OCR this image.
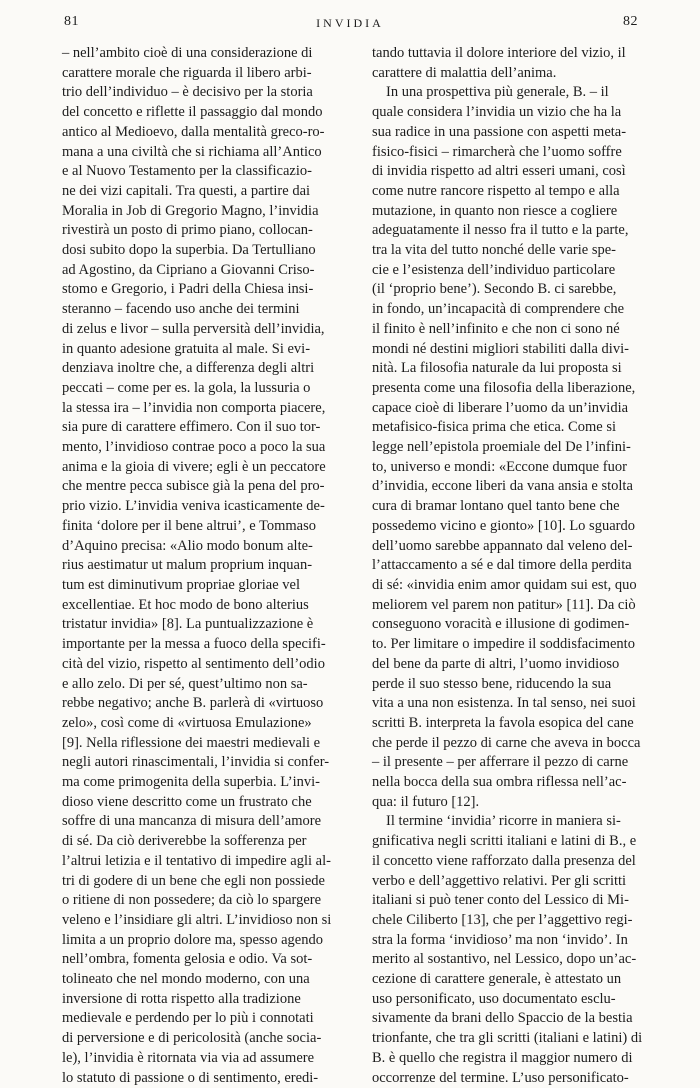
81	INVIDIA	82
– nell’ambito cioè di una considerazione di
carattere morale che riguarda il libero arbi-
trio dell’individuo – è decisivo per la storia
del concetto e riflette il passaggio dal mondo
antico al Medioevo, dalla mentalità greco-ro-
mana a una civiltà che si richiama all’Antico
e al Nuovo Testamento per la classificazio-
ne dei vizi capitali. Tra questi, a partire dai
Moralia in Job di Gregorio Magno, l’invidia
rivestirà un posto di primo piano, collocan-
dosi subito dopo la superbia. Da Tertulliano
ad Agostino, da Cipriano a Giovanni Criso-
stomo e Gregorio, i Padri della Chiesa insi-
steranno – facendo uso anche dei termini
di zelus e livor – sulla perversità dell’invidia,
in quanto adesione gratuita al male. Si evi-
denziava inoltre che, a differenza degli altri
peccati – come per es. la gola, la lussuria o
la stessa ira – l’invidia non comporta piacere,
sia pure di carattere effimero. Con il suo tor-
mento, l’invidioso contrae poco a poco la sua
anima e la gioia di vivere; egli è un peccatore
che mentre pecca subisce già la pena del pro-
prio vizio. L’invidia veniva icasticamente de-
finita ‘dolore per il bene altrui’, e Tommaso
d’Aquino precisa: «Alio modo bonum alte-
rius aestimatur ut malum proprium inquan-
tum est diminutivum propriae gloriae vel
excellentiae. Et hoc modo de bono alterius
tristatur invidia» [8]. La puntualizzazione è
importante per la messa a fuoco della specifi-
cità del vizio, rispetto al sentimento dell’odio
e allo zelo. Di per sé, quest’ultimo non sa-
rebbe negativo; anche B. parlerà di «virtuoso
zelo», così come di «virtuosa Emulazione»
[9]. Nella riflessione dei maestri medievali e
negli autori rinascimentali, l’invidia si confer-
ma come primogenita della superbia. L’invi-
dioso viene descritto come un frustrato che
soffre di una mancanza di misura dell’amore
di sé. Da ciò deriverebbe la sofferenza per
l’altrui letizia e il tentativo di impedire agli al-
tri di godere di un bene che egli non possiede
o ritiene di non possedere; da ciò lo spargere
veleno e l’insidiare gli altri. L’invidioso non si
limita a un proprio dolore ma, spesso agendo
nell’ombra, fomenta gelosia e odio. Va sot-
tolineato che nel mondo moderno, con una
inversione di rotta rispetto alla tradizione
medievale e perdendo per lo più i connotati
di perversione e di pericolosità (anche socia-
le), l’invidia è ritornata via via ad assumere
lo statuto di passione o di sentimento, eredi-
tando tuttavia il dolore interiore del vizio, il
carattere di malattia dell’anima.
In una prospettiva più generale, B. – il
quale considera l’invidia un vizio che ha la
sua radice in una passione con aspetti meta-
fisico-fisici – rimarcherà che l’uomo soffre
di invidia rispetto ad altri esseri umani, così
come nutre rancore rispetto al tempo e alla
mutazione, in quanto non riesce a cogliere
adeguatamente il nesso fra il tutto e la parte,
tra la vita del tutto nonché delle varie spe-
cie e l’esistenza dell’individuo particolare
(il ‘proprio bene’). Secondo B. ci sarebbe,
in fondo, un’incapacità di comprendere che
il finito è nell’infinito e che non ci sono né
mondi né destini migliori stabiliti dalla divi-
nità. La filosofia naturale da lui proposta si
presenta come una filosofia della liberazione,
capace cioè di liberare l’uomo da un’invidia
metafisico-fisica prima che etica. Come si
legge nell’epistola proemiale del De l’infini-
to, universo e mondi: «Eccone dumque fuor
d’invidia, eccone liberi da vana ansia e stolta
cura di bramar lontano quel tanto bene che
possedemo vicino e gionto» [10]. Lo sguardo
dell’uomo sarebbe appannato dal veleno del-
l’attaccamento a sé e dal timore della perdita
di sé: «invidia enim amor quidam sui est, quo
meliorem vel parem non patitur» [11]. Da ciò
conseguono voracità e illusione di godimen-
to. Per limitare o impedire il soddisfacimento
del bene da parte di altri, l’uomo invidioso
perde il suo stesso bene, riducendo la sua
vita a una non esistenza. In tal senso, nei suoi
scritti B. interpreta la favola esopica del cane
che perde il pezzo di carne che aveva in bocca
– il presente – per afferrare il pezzo di carne
nella bocca della sua ombra riflessa nell’ac-
qua: il futuro [12].
Il termine ‘invidia’ ricorre in maniera si-
gnificativa negli scritti italiani e latini di B., e
il concetto viene rafforzato dalla presenza del
verbo e dell’aggettivo relativi. Per gli scritti
italiani si può tener conto del Lessico di Mi-
chele Ciliberto [13], che per l’aggettivo regi-
stra la forma ‘invidioso’ ma non ‘invido’. In
merito al sostantivo, nel Lessico, dopo un’ac-
cezione di carattere generale, è attestato un
uso personificato, uso documentato esclu-
sivamente da brani dello Spaccio de la bestia
trionfante, che tra gli scritti (italiani e latini) di
B. è quello che registra il maggior numero di
occorrenze del termine. L’uso personificato-
